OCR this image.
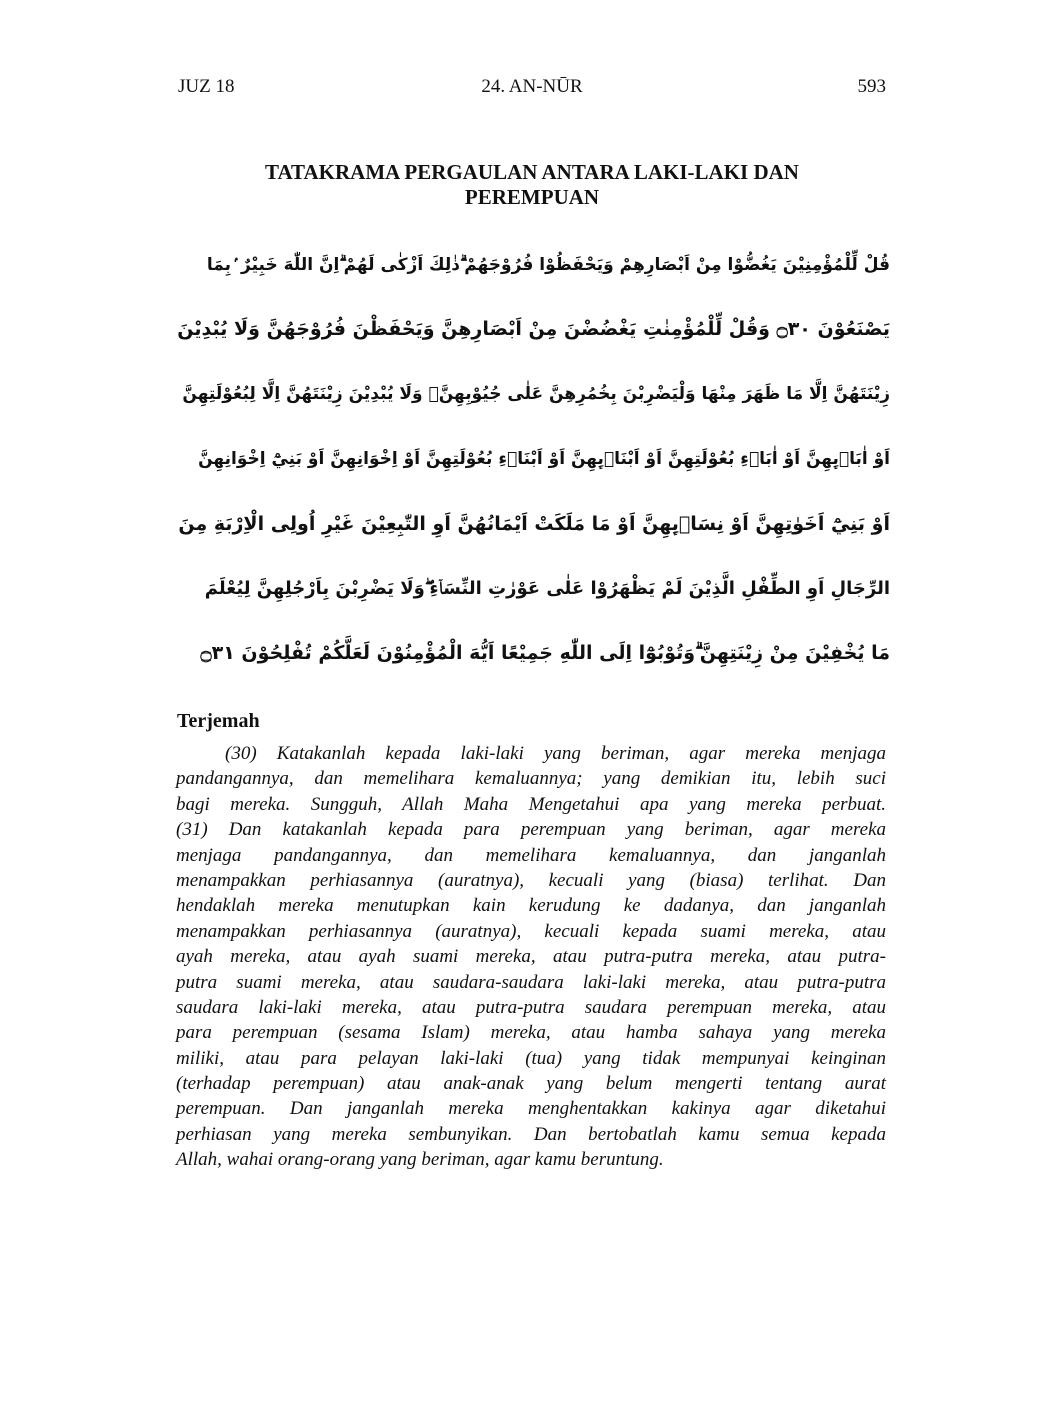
JUZ 18	24. AN-NŪR	593
TATAKRAMA PERGAULAN ANTARA LAKI-LAKI DAN
PEREMPUAN
قُلْ لِّلْمُؤْمِنِيْنَ يَغُضُّوْا مِنْ اَبْصَارِهِمْ وَيَحْفَظُوْا فُرُوْجَهُمْ ۗذٰلِكَ اَزْكٰى لَهُمْ ۗاِنَّ اللّٰهَ خَبِيْرٌ ۢبِمَا
يَصْنَعُوْنَ ۝٣٠ وَقُلْ لِّلْمُؤْمِنٰتِ يَغْضُضْنَ مِنْ اَبْصَارِهِنَّ وَيَحْفَظْنَ فُرُوْجَهُنَّ وَلَا يُبْدِيْنَ
زِيْنَتَهُنَّ اِلَّا مَا ظَهَرَ مِنْهَا وَلْيَضْرِبْنَ بِخُمُرِهِنَّ عَلٰى جُيُوْبِهِنَّۖ وَلَا يُبْدِيْنَ زِيْنَتَهُنَّ اِلَّا لِبُعُوْلَتِهِنَّ
اَوْ اٰبَاۤىِٕهِنَّ اَوْ اٰبَاۤءِ بُعُوْلَتِهِنَّ اَوْ اَبْنَاۤىِٕهِنَّ اَوْ اَبْنَاۤءِ بُعُوْلَتِهِنَّ اَوْ اِخْوَانِهِنَّ اَوْ بَنِيْٓ اِخْوَانِهِنَّ
اَوْ بَنِيْٓ اَخَوٰتِهِنَّ اَوْ نِسَاۤىِٕهِنَّ اَوْ مَا مَلَكَتْ اَيْمَانُهُنَّ اَوِ التّٰبِعِيْنَ غَيْرِ اُولِى الْاِرْبَةِ مِنَ
الرِّجَالِ اَوِ الطِّفْلِ الَّذِيْنَ لَمْ يَظْهَرُوْا عَلٰى عَوْرٰتِ النِّسَاۤءِ ۖوَلَا يَضْرِبْنَ بِاَرْجُلِهِنَّ لِيُعْلَمَ
مَا يُخْفِيْنَ مِنْ زِيْنَتِهِنَّ ۗوَتُوْبُوْٓا اِلَى اللّٰهِ جَمِيْعًا اَيُّهَ الْمُؤْمِنُوْنَ لَعَلَّكُمْ تُفْلِحُوْنَ ۝٣١
Terjemah
(30) Katakanlah kepada laki-laki yang beriman, agar mereka menjaga
pandangannya, dan memelihara kemaluannya; yang demikian itu, lebih suci
bagi mereka. Sungguh, Allah Maha Mengetahui apa yang mereka perbuat.
(31) Dan katakanlah kepada para perempuan yang beriman, agar mereka
menjaga pandangannya, dan memelihara kemaluannya, dan janganlah
menampakkan perhiasannya (auratnya), kecuali yang (biasa) terlihat. Dan
hendaklah mereka menutupkan kain kerudung ke dadanya, dan janganlah
menampakkan perhiasannya (auratnya), kecuali kepada suami mereka, atau
ayah mereka, atau ayah suami mereka, atau putra-putra mereka, atau putra-
putra suami mereka, atau saudara-saudara laki-laki mereka, atau putra-putra
saudara laki-laki mereka, atau putra-putra saudara perempuan mereka, atau
para perempuan (sesama Islam) mereka, atau hamba sahaya yang mereka
miliki, atau para pelayan laki-laki (tua) yang tidak mempunyai keinginan
(terhadap perempuan) atau anak-anak yang belum mengerti tentang aurat
perempuan. Dan janganlah mereka menghentakkan kakinya agar diketahui
perhiasan yang mereka sembunyikan. Dan bertobatlah kamu semua kepada
Allah, wahai orang-orang yang beriman, agar kamu beruntung.
